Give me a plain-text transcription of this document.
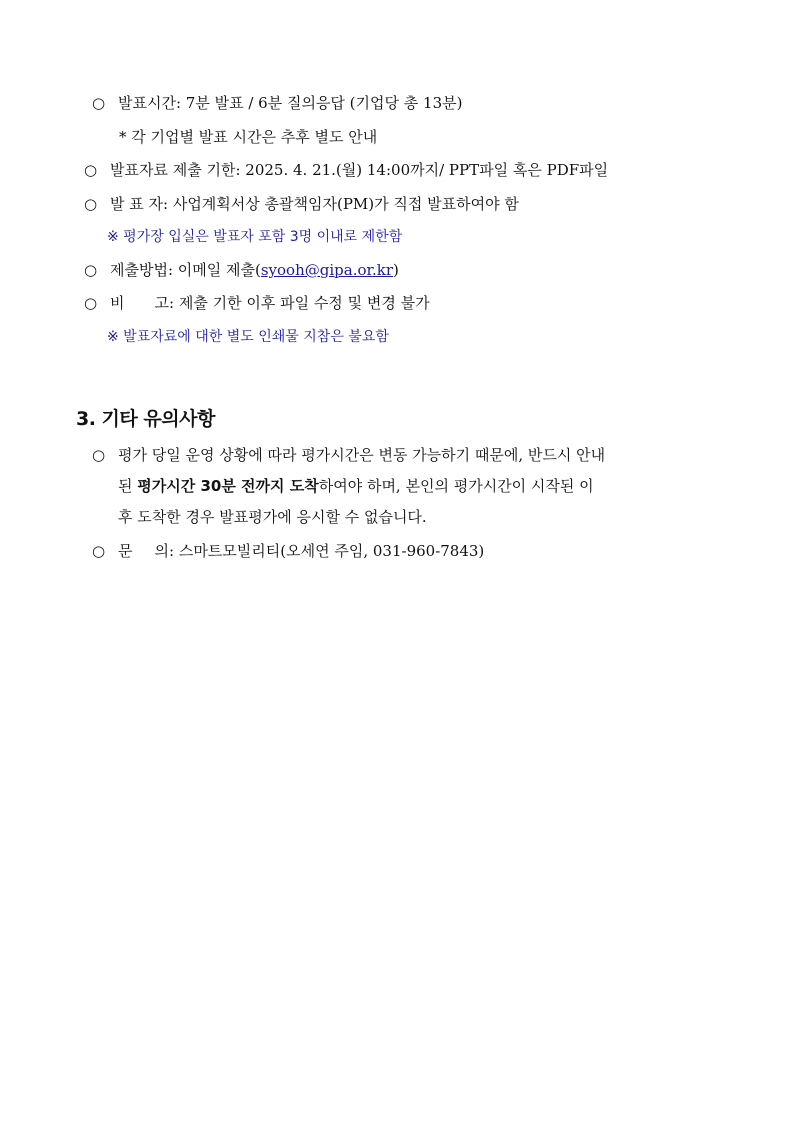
○ 발표시간: 7분 발표 / 6분 질의응답 (기업당 총 13분)
* 각 기업별 발표 시간은 추후 별도 안내
○ 발표자료 제출 기한: 2025. 4. 21.(월) 14:00까지/ PPT파일 혹은 PDF파일
○ 발 표 자: 사업계획서상 총괄책임자(PM)가 직접 발표하여야 함
※ 평가장 입실은 발표자 포함 3명 이내로 제한함
○ 제출방법: 이메일 제출(syooh@gipa.or.kr)
○ 비 고: 제출 기한 이후 파일 수정 및 변경 불가
※ 발표자료에 대한 별도 인쇄물 지참은 불요함
3. 기타 유의사항
○ 평가 당일 운영 상황에 따라 평가시간은 변동 가능하기 때문에, 반드시 안내
된 평가시간 30분 전까지 도착하여야 하며, 본인의 평가시간이 시작된 이
후 도착한 경우 발표평가에 응시할 수 없습니다.
○ 문 의: 스마트모빌리티(오세연 주임, 031-960-7843)
